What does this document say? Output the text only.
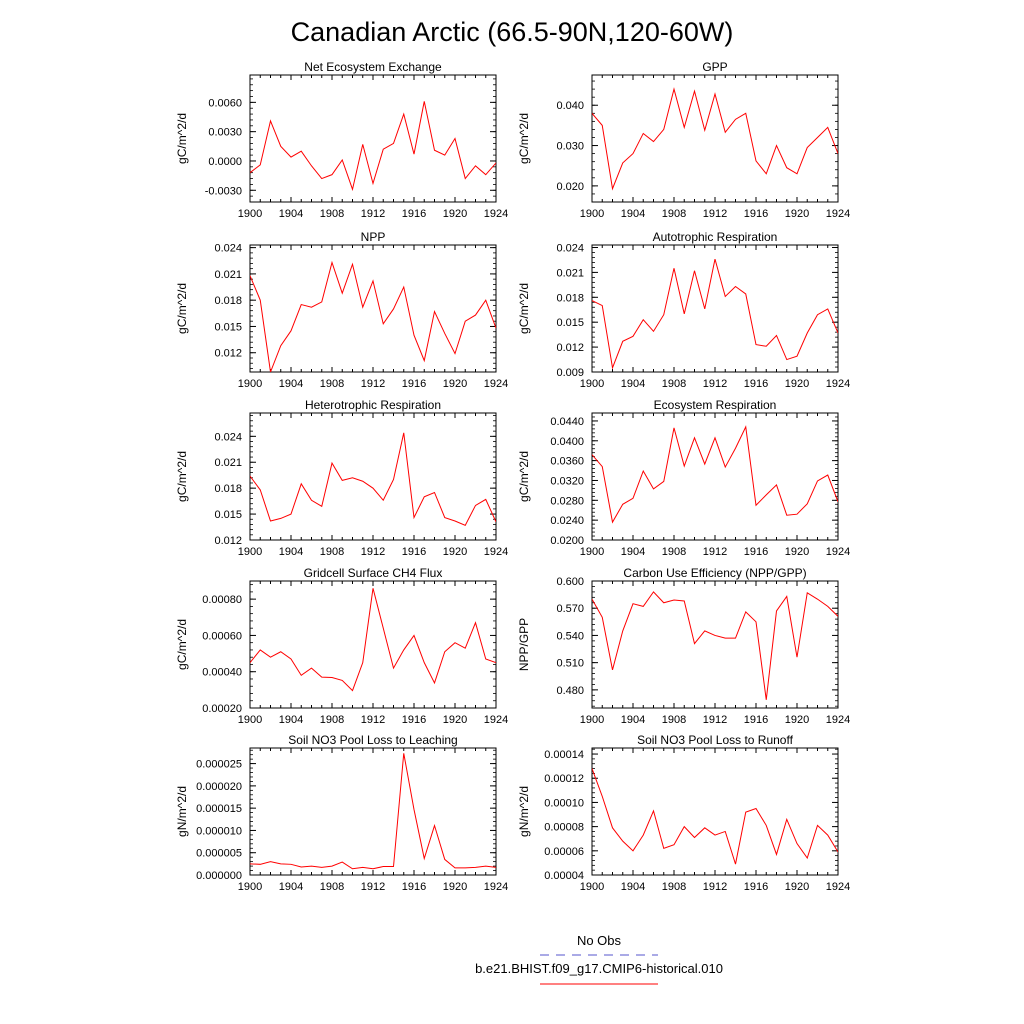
Canadian Arctic (66.5-90N,120-60W)
Net Ecosystem Exchange
gC/m^2/d
1900 1904 1908 1912 1916 1920 1924
-0.0030
0.0000
0.0030
0.0060
GPP
gC/m^2/d
1900 1904 1908 1912 1916 1920 1924
0.020
0.030
0.040
NPP
gC/m^2/d
1900 1904 1908 1912 1916 1920 1924
0.012
0.015
0.018
0.021
0.024
Autotrophic Respiration
gC/m^2/d
1900 1904 1908 1912 1916 1920 1924
0.009
0.012
0.015
0.018
0.021
0.024
Heterotrophic Respiration
gC/m^2/d
1900 1904 1908 1912 1916 1920 1924
0.012
0.015
0.018
0.021
0.024
Ecosystem Respiration
gC/m^2/d
1900 1904 1908 1912 1916 1920 1924
0.0200
0.0240
0.0280
0.0320
0.0360
0.0400
0.0440
Gridcell Surface CH4 Flux
gC/m^2/d
1900 1904 1908 1912 1916 1920 1924
0.00020
0.00040
0.00060
0.00080
Carbon Use Efficiency (NPP/GPP)
NPP/GPP
1900 1904 1908 1912 1916 1920 1924
0.480
0.510
0.540
0.570
0.600
Soil NO3 Pool Loss to Leaching
gN/m^2/d
1900 1904 1908 1912 1916 1920 1924
0.000000
0.000005
0.000010
0.000015
0.000020
0.000025
Soil NO3 Pool Loss to Runoff
gN/m^2/d
1900 1904 1908 1912 1916 1920 1924
0.00004
0.00006
0.00008
0.00010
0.00012
0.00014
No Obs
b.e21.BHIST.f09_g17.CMIP6-historical.010
